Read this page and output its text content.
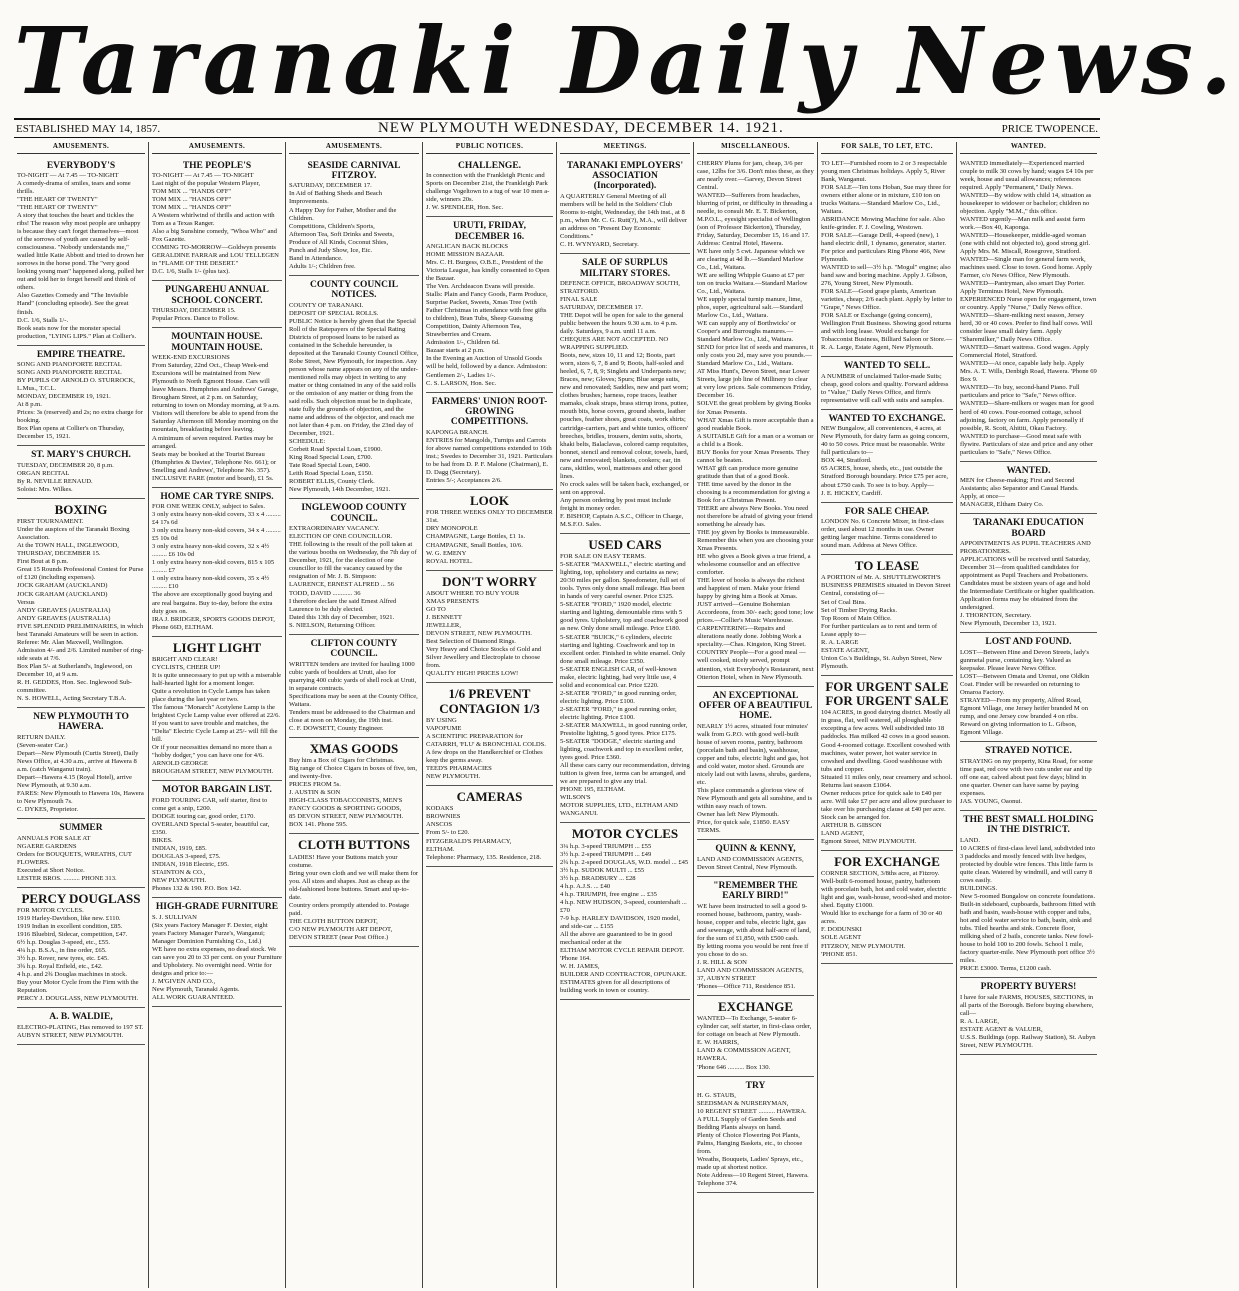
Taranaki Daily News.
ESTABLISHED MAY 14, 1857.	NEW PLYMOUTH WEDNESDAY, DECEMBER 14. 1921.	PRICE TWOPENCE.
AMUSEMENTS.
EVERYBODY'S
TO-NIGHT — At 7.45 — TO-NIGHT
A comedy-drama of smiles, tears and some thrills.
"THE HEART OF TWENTY"
"THE HEART OF TWENTY"
A story that touches the heart and tickles the ribs! The reason why most people are unhappy is because they can't forget themselves—most of the sorrows of youth are caused by self-consciousness. "Nobody understands me," wailed little Katie Abbott and tried to drown her sorrows in the horse pond. The "very good looking young man" happened along, pulled her out and told her to forget herself and think of others.
Also Gazettes Comedy and "The Invisible Hand" (concluding episode). See the great finish.
D.C. 1/6, Stalls 1/-.
Book seats now for the monster special production, "LYING LIPS." Plan at Collier's.
EMPIRE THEATRE.
SONG AND PIANOFORTE RECITAL
SONG AND PIANOFORTE RECITAL
BY PUPILS OF ARNOLD O. STURROCK, L.Mus., T.C.L.
MONDAY, DECEMBER 19, 1921.
At 8 p.m.
Prices: 3s (reserved) and 2s; no extra charge for booking.
Box Plan opens at Collier's on Thursday, December 15, 1921.
ST. MARY'S CHURCH.
TUESDAY, DECEMBER 20, 8 p.m.
ORGAN RECITAL
By R. NEVILLE RENAUD.
Soloist: Mrs. Wilkes.
BOXING
FIRST TOURNAMENT.
Under the auspices of the Taranaki Boxing Association.
At the TOWN HALL, INGLEWOOD, THURSDAY, DECEMBER 15.
First Bout at 8 p.m.
Great 15 Rounds Professional Contest for Purse of £120 (including expenses).
JOCK GRAHAM (AUCKLAND)
JOCK GRAHAM (AUCKLAND)
Versus
ANDY GREAVES (AUSTRALIA)
ANDY GREAVES (AUSTRALIA)
FIVE SPLENDID PRELIMINARIES, in which best Taranaki Amateurs will be seen in action.
Referee: Mr. Alan Maxwell, Wellington.
Admission 4/- and 2/6. Limited number of ring-side seats at 7/6.
Box Plan 5/- at Sutherland's, Inglewood, on December 10, at 9 a.m.
R. H. GEDDES, Hon. Sec. Inglewood Sub-committee.
N. S. HOWELL, Acting Secretary T.B.A.
NEW PLYMOUTH TO HAWERA.
RETURN DAILY.
(Seven-seater Car.)
Depart—New Plymouth (Curtis Street), Daily News Office, at 4.30 a.m., arrive at Hawera 8 a.m. (catch Wanganui train).
Depart—Hawera 4.15 (Royal Hotel), arrive New Plymouth, at 9.30 a.m.
FARES: New Plymouth to Hawera 10s, Hawera to New Plymouth 7s.
C. DYKES, Proprietor.
SUMMER
ANNUALS FOR SALE AT
NGAERE GARDENS
Orders for BOUQUETS, WREATHS, CUT FLOWERS.
Executed at Short Notice.
LESTER BROS. .......... PHONE 313.
PERCY DOUGLASS
FOR MOTOR CYCLES.
1919 Harley-Davidson, like new. £110.
1919 Indian in excellent condition, £85.
1916 Bluebird, Sidecar, competition, £47.
6½ h.p. Douglas 3-speed, etc., £55.
4¼ h.p. B.S.A., in fine order, £65.
3½ h.p. Rover, new tyres, etc. £45.
3¾ h.p. Royal Enfield, etc., £42.
4 h.p. and 2¾ Douglas machines in stock.
Buy your Motor Cycle from the Firm with the Reputation.
PERCY J. DOUGLASS, NEW PLYMOUTH.
A. B. WALDIE,
ELECTRO-PLATING, Has removed to 197 ST. AUBYN STREET, NEW PLYMOUTH.
AMUSEMENTS.
THE PEOPLE'S
TO-NIGHT — At 7.45 — TO-NIGHT
Last night of the popular Western Player,
TOM MIX ... "HANDS OFF"
TOM MIX ... "HANDS OFF"
TOM MIX ... "HANDS OFF"
A Western whirlwind of thrills and action with Tom as a Texas Ranger.
Also a big Sunshine comedy, "Whoa Who" and Fox Gazette.
COMING TO-MORROW—Goldwyn presents GERALDINE FARRAR and LOU TELLEGEN in "FLAME OF THE DESERT."
D.C. 1/6, Stalls 1/- (plus tax).
PUNGAREHU ANNUAL SCHOOL CONCERT.
THURSDAY, DECEMBER 15.
Popular Prices. Dance to Follow.
MOUNTAIN HOUSE. MOUNTAIN HOUSE.
WEEK-END EXCURSIONS
From Saturday, 22nd Oct., Cheap Week-end Excursions will be maintained from New Plymouth to North Egmont House. Cars will leave Messrs. Humphries and Andrews' Garage, Brougham Street, at 2 p.m. on Saturday, returning to town on Monday morning, at 9 a.m.
Visitors will therefore be able to spend from the Saturday Afternoon till Monday morning on the mountain, breakfasting before leaving.
A minimum of seven required. Parties may be arranged.
Seats may be booked at the Tourist Bureau (Humphries & Davies', Telephone No. 661); or Smelling and Andrews', Telephone No. 357).
INCLUSIVE FARE (motor and board), £1 5s.
HOME CAR TYRE SNIPS.
FOR ONE WEEK ONLY, subject to Sales.
3 only extra heavy non-skid covers, 33 x 4 ......... £4 17s 6d
3 only extra heavy non-skid covers, 34 x 4 ......... £5 10s 0d
3 only extra heavy non-skid covers, 32 x 4½ ......... £6 10s 0d
1 only extra heavy non-skid covers, 815 x 105 ......... £7
1 only extra heavy non-skid covers, 35 x 4½ ......... £10
The above are exceptionally good buying and are real bargains. Buy to-day, before the extra duty goes on.
IRA J. BRIDGER, SPORTS GOODS DEPOT, Phone 66D, ELTHAM.
LIGHT LIGHT
BRIGHT AND CLEAR!
CYCLISTS, CHEER UP!
It is quite unnecessary to put up with a miserable half-hearted light for a moment longer.
Quite a revolution in Cycle Lamps has taken place during the last year or two.
The famous "Monarch" Acetylene Lamp is the brightest Cycle Lamp value ever offered at 22/6.
If you want to save trouble and matches, the "Delta" Electric Cycle Lamp at 25/- will fill the bill.
Or if your necessities demand no more than a "hobby dodger," you can have one for 4/6.
ARNOLD GEORGE
BROUGHAM STREET, NEW PLYMOUTH.
MOTOR BARGAIN LIST.
FORD TOURING CAR, self starter, first to come get a snip, £200.
DODGE touring car, good order, £170.
OVERLAND Special 5-seater, beautiful car, £350.
BIKES.
INDIAN, 1919, £85.
DOUGLAS 3-speed, £75.
INDIAN, 1918 Electric, £95.
STAINTON & CO.,
NEW PLYMOUTH.
Phones 132 & 190. P.O. Box 142.
HIGH-GRADE FURNITURE
S. J. SULLIVAN
(Six years Factory Manager F. Dexter, eight years Factory Manager Furze's, Wanganui; Manager Dominion Furnishing Co., Ltd.)
WE have no extra expenses, no dead stock. We can save you 20 to 33 per cent. on your Furniture and Upholstery. No overnight need. Write for designs and price to:—
J. M'GIVEN AND CO.,
New Plymouth, Taranaki Agents.
ALL WORK GUARANTEED.
AMUSEMENTS.
SEASIDE CARNIVAL FITZROY.
SATURDAY, DECEMBER 17.
In Aid of Bathing Sheds and Beach Improvements.
A Happy Day for Father, Mother and the Children.
Competitions, Children's Sports,
Afternoon Tea, Soft Drinks and Sweets,
Produce of All Kinds, Coconut Shies,
Punch and Judy Show, Ice, Etc.
Band in Attendance.
Adults 1/-; Children free.
COUNTY COUNCIL NOTICES.
COUNTY OF TARANAKI.
DEPOSIT OF SPECIAL ROLLS.
PUBLIC Notice is hereby given that the Special Roll of the Ratepayers of the Special Rating Districts of proposed loans to be raised as contained in the Schedule hereunder, is deposited at the Taranaki County Council Office, Robe Street, New Plymouth, for inspection. Any person whose name appears on any of the under-mentioned rolls may object in writing to any matter or thing contained in any of the said rolls or the omission of any matter or thing from the said rolls. Such objection must be in duplicate, state fully the grounds of objection, and the name and address of the objector, and reach me not later than 4 p.m. on Friday, the 23nd day of December, 1921.
SCHEDULE:
Corbett Road Special Loan, £1900.
King Road Special Loan, £700.
Tate Road Special Loan, £400.
Leith Road Special Loan, £150.
ROBERT ELLIS, County Clerk.
New Plymouth, 14th December, 1921.
INGLEWOOD COUNTY COUNCIL.
EXTRAORDINARY VACANCY.
ELECTION OF ONE COUNCILLOR.
THE following is the result of the poll taken at the various booths on Wednesday, the 7th day of December, 1921, for the election of one councillor to fill the vacancy caused by the resignation of Mr. J. B. Simpson:
LAURENCE, ERNEST ALFRED ... 56
TODD, DAVID ............ 36
I therefore declare the said Ernest Alfred Laurence to be duly elected.
Dated this 13th day of December, 1921.
S. NIELSON, Returning Officer.
CLIFTON COUNTY COUNCIL.
WRITTEN tenders are invited for hauling 1000 cubic yards of boulders at Uruti, also for quarrying 400 cubic yards of shell rock at Uruti, in separate contracts.
Specifications may be seen at the County Office, Waitara.
Tenders must be addressed to the Chairman and close at noon on Monday, the 19th inst.
C. F. DOWSETT, County Engineer.
XMAS GOODS
Buy him a Box of Cigars for Christmas.
Big range of Choice Cigars in boxes of five, ten, and twenty-five.
PRICES FROM 5s.
J. AUSTIN & SON
HIGH-CLASS TOBACCONISTS, MEN'S FANCY GOODS & SPORTING GOODS,
85 DEVON STREET, NEW PLYMOUTH.
BOX 141. Phone 595.
CLOTH BUTTONS
LADIES! Have your Buttons match your costume.
Bring your own cloth and we will make them for you. All sizes and shapes. Just as cheap as the old-fashioned bone buttons. Smart and up-to-date.
Country orders promptly attended to. Postage paid.
THE CLOTH BUTTON DEPOT,
C/O NEW PLYMOUTH ART DEPOT,
DEVON STREET (near Post Office.)
PUBLIC NOTICES.
CHALLENGE.
In connection with the Frankleigh Picnic and Sports on December 21st, the Frankleigh Park challenge Vogeltown to a tug of war 10 men a-side, winners 20s.
J. W. SPENDLER, Hon. Sec.
URUTI, FRIDAY, DECEMBER 16.
ANGLICAN BACK BLOCKS
HOME MISSION BAZAAR.
Mrs. C. H. Burgess, O.B.E., President of the Victoria League, has kindly consented to Open the Bazaar.
The Ven. Archdeacon Evans will preside.
Stalls: Plain and Fancy Goods, Farm Produce, Surprise Packet, Sweets, Xmas Tree (with Father Christmas in attendance with free gifts to children), Bran Tubs, Sheep Guessing Competition, Dainty Afternoon Tea, Strawberries and Cream.
Admission 1/-, Children 6d.
Bazaar starts at 2 p.m.
In the Evening an Auction of Unsold Goods will be held, followed by a dance. Admission: Gentlemen 2/-, Ladies 1/-.
C. S. LARSON, Hon. Sec.
FARMERS' UNION ROOT-GROWING COMPETITIONS.
KAPONGA BRANCH.
ENTRIES for Mangolds, Turnips and Carrots for above named competitions extended to 16th inst.; Swedes to December 31, 1921. Particulars to be had from D. P. F. Malone (Chairman), E. D. Dagg (Secretary).
Entries 5/-; Acceptances 2/6.
LOOK
FOR THREE WEEKS ONLY TO DECEMBER 31st.
DRY MONOPOLE
CHAMPAGNE, Large Bottles, £1 1s.
CHAMPAGNE, Small Bottles, 10/6.
W. G. EMENY
ROYAL HOTEL.
DON'T WORRY
ABOUT WHERE TO BUY YOUR
XMAS PRESENTS
GO TO
J. BENNETT
JEWELLER,
DEVON STREET, NEW PLYMOUTH.
Best Selection of Diamond Rings.
Very Heavy and Choice Stocks of Gold and Silver Jewellery and Electroplate to choose from.
QUALITY HIGH! PRICES LOW!
1/6 PREVENT CONTAGION 1/3
BY USING
VAPOFUME
A SCIENTIFIC PREPARATION for CATARRH, 'FLU' & BRONCHIAL COLDS.
A few drops on the Handkerchief or Clothes keep the germs away.
TEED'S PHARMACIES
NEW PLYMOUTH.
CAMERAS
KODAKS
BROWNIES
ANSCOS
From 5/- to £20.
FITZGERALD'S PHARMACY,
ELTHAM.
Telephone: Pharmacy, 135. Residence, 218.
MEETINGS.
TARANAKI EMPLOYERS' ASSOCIATION (Incorporated).
A QUARTERLY General Meeting of all members will be held in the Soldiers' Club Rooms to-night, Wednesday, the 14th inst., at 8 p.m., when Mr. C. G. Rutt(?), M.A., will deliver an address on "Present Day Economic Conditions."
C. H. WYNYARD, Secretary.
SALE OF SURPLUS MILITARY STORES.
DEFENCE OFFICE, BROADWAY SOUTH, STRATFORD.
FINAL SALE
SATURDAY, DECEMBER 17.
THE Depot will be open for sale to the general public between the hours 9.30 a.m. to 4 p.m. daily. Saturdays, 9 a.m. until 11 a.m.
CHEQUES ARE NOT ACCEPTED. NO WRAPPING SUPPLIED.
Boots, new, sizes 10, 11 and 12; Boots, part worn, sizes 6, 7, 8 and 9; Boots, half-soled and heeled, 6, 7, 8, 9; Singlets and Underpants new; Braces, new; Gloves; Spurs; Blue serge suits, new and renovated; Saddles, new and part worn; clothes brushes; harness, rope traces, leather mamaks, cloak straps, brass stirrup irons, puttee, mouth bits, horse covers, ground sheets, leather pouches, feather shoes, great coats, work shirts; cartridge-carriers, part and white tunics, officers' breeches, bridles, trousers, denim suits, shorts, khaki belts, Balaclavas, colored camp requisites, bonnet, stencil and removal colour, towels, hard, new and renovated; blankets, cookers; ear, tin cans, skittles, wool, mattresses and other good lines.
No crock sales will be taken back, exchanged, or sent on approval.
Any person ordering by post must include freight in money order.
F. BISHOP, Captain A.S.C., Officer in Charge, M.S.F.O. Sales.
USED CARS
FOR SALE ON EASY TERMS.
5-SEATER "MAXWELL," electric starting and lighting, top, upholstery and curtains as new; 20/30 miles per gallon. Speedometer, full set of tools. Tyres only done small mileage. Has been in hands of very careful owner. Price £325.
5-SEATER "FORD," 1920 model, electric starting and lighting, demountable rims with 5 good tyres. Upholstery, top and coachwork good as new. Only done small mileage. Price £180.
5-SEATER "BUICK," 6 cylinders, electric starting and lighting. Coachwork and top in excellent order. Finished in white enamel. Only done small mileage. Price £350.
5-SEATER ENGLISH CAR, of well-known make, electric lighting, had very little use, 4 solid and economical car. Price £220.
2-SEATER "FORD," in good running order, electric lighting. Price £100.
2-SEATER "FORD," in good running order, electric lighting. Price £100.
2-SEATER MAXWELL, in good running order, Prestolite lighting, 5 good tyres. Price £175.
5-SEATER "DODGE," electric starting and lighting, coachwork and top in excellent order, tyres good. Price £360.
All these cars carry our recommendation, driving tuition is given free, terms can be arranged, and we are prepared to give any trial.
PHONE 195, ELTHAM.
WILSON'S
MOTOR SUPPLIES, LTD., ELTHAM AND WANGANUI.
MOTOR CYCLES
3¼ h.p. 3-speed TRIUMPH ... £55
3½ h.p. 2-speed TRIUMPH ... £49
2¾ h.p. 2-speed DOUGLAS, W.D. model ... £45
3½ h.p. SUDOK MULTI ... £55
3½ h.p. BRADBURY ... £28
4 h.p. A.J.S. ... £40
4 h.p. TRIUMPH, free engine ... £35
4 h.p. NEW HUDSON, 3-speed, countershaft ... £70
7-9 h.p. HARLEY DAVIDSON, 1920 model, and side-car ... £155
All the above are guaranteed to be in good mechanical order at the
ELTHAM MOTOR CYCLE REPAIR DEPOT.
'Phone 164.
W. H. JAMES,
BUILDER AND CONTRACTOR, OPUNAKE.
ESTIMATES given for all descriptions of building work in town or country.
MISCELLANEOUS.
CHERRY Plums for jam, cheap, 3/6 per case, 12lbs for 3/6. Don't miss these, as they are nearly over.—Garvey, Devon Street Central.
WANTED—Sufferers from headaches, blurring of print, or difficulty in threading a needle, to consult Mr. E. T. Bickerton, M.P.O.L., eyesight specialist of Wellington (son of Professor Bickerton), Thursday, Friday, Saturday, December 15, 16 and 17. Address: Central Hotel, Hawera.
WE have only 5 cwt. Japanese which we are clearing at 4d lb.—Standard Marlow Co., Ltd., Waitara.
WE are selling Whipple Guano at £7 per ton on trucks Waitara.—Standard Marlow Co., Ltd., Waitara.
WE supply special turnip manure, lime, phos, super, agricultural salt.—Standard Marlow Co., Ltd., Waitara.
WE can supply any of Borthwicks' or Cooper's and Burroughs manures.—Standard Marlow Co., Ltd., Waitara.
SEND for price list of seeds and manures, it only costs you 2d, may save you pounds.—Standard Marlow Co., Ltd., Waitara.
AT Miss Hunt's, Devon Street, near Lower Streets, large job line of Millinery to clear at very low prices. Sale commences Friday, December 16.
SOLVE the great problem by giving Books for Xmas Presents.
WHAT Xmas Gift is more acceptable than a good readable Book.
A SUITABLE Gift for a man or a woman or a child is a Book.
BUY Books for your Xmas Presents. They cannot be beaten.
WHAT gift can produce more genuine gratitude than that of a good Book.
THE time saved by the donor in the choosing is a recommendation for giving a Book for a Christmas Present.
THERE are always New Books. You need not therefore be afraid of giving your friend something he already has.
THE joy given by Books is immeasurable. Remember this when you are choosing your Xmas Presents.
HE who gives a Book gives a true friend, a wholesome counsellor and an effective comforter.
THE lover of books is always the richest and happiest of men. Make your friend happy by giving him a Book at Xmas.
JUST arrived—Genuine Bohemian Accordeons, from 30/- each; good tone; low prices.—Collier's Music Warehouse.
CARPENTERING—Repairs and alterations neatly done. Jobbing Work a speciality.—Chas. Kingston, King Street.
COUNTRY People—For a good meal — well cooked, nicely served, prompt attention, visit Everybody's Restaurant, next Otterton Hotel, when in New Plymouth.
AN EXCEPTIONAL OFFER OF A BEAUTIFUL HOME.
NEARLY 1½ acres, situated four minutes' walk from G.P.O. with good well-built house of seven rooms, pantry, bathroom (porcelain bath and basin), washhouse, copper and tubs, electric light and gas, hot and cold water, motor shed. Grounds are nicely laid out with lawns, shrubs, gardens, etc.
This place commands a glorious view of New Plymouth and gets all sunshine, and is within easy reach of town.
Owner has left New Plymouth.
Price, for quick sale, £1850. EASY TERMS.
QUINN & KENNY,
LAND AND COMMISSION AGENTS, Devon Street Central, New Plymouth.
"REMEMBER THE EARLY BIRD!"
WE have been instructed to sell a good 9-roomed house, bathroom, pantry, wash-house, copper and tubs, electric light, gas and sewerage, with about half-acre of land, for the sum of £1,850, with £500 cash.
By letting rooms you would be rent free if you chose to do so.
J. R. HILL & SON
LAND AND COMMISSION AGENTS,
37, AUBYN STREET
'Phones—Office 711, Residence 851.
EXCHANGE
WANTED—To Exchange, 5-seater 6-cylinder car, self starter, in first-class order, for cottage on beach at New Plymouth.
E. W. HARRIS,
LAND & COMMISSION AGENT, HAWERA.
'Phone 646 .......... Box 130.
TRY
H. G. STAUB,
SEEDSMAN & NURSERYMAN,
10 REGENT STREET .......... HAWERA.
A FULL Supply of Garden Seeds and Bedding Plants always on hand.
Plenty of Choice Flowering Pot Plants, Palms, Hanging Baskets, etc., to choose from.
Wreaths, Bouquets, Ladies' Sprays, etc., made up at shortest notice.
Note Address—10 Regent Street, Hawera. Telephone 374.
FOR SALE, TO LET, ETC.
TO LET—Furnished room to 2 or 3 respectable young men Christmas holidays. Apply 5, River Bank, Wanganui.
FOR SALE—Ten tons Hoban, Sue may three for owners either alone or in mixture, £10 ton on trucks Waitara.—Standard Marlow Co., Ltd., Waitara.
ABRIDANCE Mowing Machine for sale. Also knife-grinder. F. J. Cowling, Westown.
FOR SALE—Garage Drill, 4-speed (new), 1 hand electric drill, 1 dynamo, generator, starter. For price and particulars Ring Phone 466, New Plymouth.
WANTED to sell—3½ h.p. "Mogul" engine; also band saw and boring machine. Apply J. Gibson, 276, Young Street, New Plymouth.
FOR SALE—Good grape plants, American varieties, cheap; 2/6 each plant. Apply by letter to "Grape," News Office.
FOR SALE or Exchange (going concern), Wellington Fruit Business. Showing good returns and with long lease. Would exchange for Tobacconist Business, Billiard Saloon or Store.—R. A. Large, Estate Agent, New Plymouth.
WANTED TO SELL.
A NUMBER of unclaimed Tailor-made Suits; cheap, good colors and quality. Forward address to "Value," Daily News Office, and firm's representative will call with suits and samples.
WANTED TO EXCHANGE.
NEW Bungalow, all conveniences, 4 acres, at New Plymouth, for dairy farm as going concern, 40 to 50 cows. Price must be reasonable. Write full particulars to—
BOX 44, Stratford.
65 ACRES, house, sheds, etc., just outside the Stratford Borough boundary. Price £75 per acre, about £750 cash. To see is to buy. Apply—
J. E. HICKEY, Cardiff.
FOR SALE CHEAP.
LONDON No. 6 Concrete Mixer, in first-class order, used about 12 months in use. Owner getting larger machine. Terms considered to sound man. Address at News Office.
TO LEASE
A PORTION of Mr. A. SHUTTLEWORTH'S BUSINESS PREMISES situated in Devon Street Central, consisting of—
Set of Coal Bins.
Set of Timber Drying Racks.
Top Room of Main Office.
For further particulars as to rent and term of Lease apply to—
R. A. LARGE
ESTATE AGENT,
Union Co.'s Buildings, St. Aubyn Street, New Plymouth.
FOR URGENT SALE FOR URGENT SALE
104 ACRES, in good dairying district. Mostly all in grass, flat, well watered, all ploughable excepting a few acres. Well subdivided into 18 paddocks. Has milked 42 cows in a good season. Good 4-roomed cottage. Excellent cowshed with machines, water power, hot water service in cowshed and dwelling. Good washhouse with tubs and copper.
Situated 11 miles only, near creamery and school.
Returns last season £1064.
Owner reduces price for quick sale to £40 per acre. Will take £7 per acre and allow purchaser to take over his purchasing clause at £40 per acre. Stock can be arranged for.
ARTHUR B. GIBSON
LAND AGENT,
Egmont Street, NEW PLYMOUTH.
FOR EXCHANGE
CORNER SECTION, 3/8ths acre, at Fitzroy. Well-built 6-roomed house, pantry, bathroom with porcelain bath, hot and cold water, electric light and gas, wash-house, wood-shed and motor-shed. Equity £1000.
Would like to exchange for a farm of 30 or 40 acres.
F. DODUNSKI
SOLE AGENT
FITZROY, NEW PLYMOUTH.
'PHONE 851.
WANTED.
WANTED immediately—Experienced married couple to milk 30 cows by hand; wages £4 10s per week, house and usual allowances; references required. Apply "Permanent," Daily News.
WANTED—By widow with child 14, situation as housekeeper to widower or bachelor; children no objection. Apply "M.M.," this office.
WANTED urgently—Man milk and assist farm work.—Box 40, Kaponga.
WANTED—Housekeeper, middle-aged woman (one with child not objected to), good strong girl. Apply Mrs. M. Miscall, Rosegrove, Stratford.
WANTED—Single man for general farm work, machines used. Close to town. Good home. Apply Farmer, c/o News Office, New Plymouth.
WANTED—Pantryman, also smart Day Porter. Apply Terminus Hotel, New Plymouth.
EXPERIENCED Nurse open for engagement, town or country. Apply "Nurse," Daily News office.
WANTED—Share-milking next season, Jersey herd, 30 or 40 cows. Prefer to find half cows. Will consider lease small dairy farm. Apply "Sharemilker," Daily News Office.
WANTED—Smart waitress. Good wages. Apply Commercial Hotel, Stratford.
WANTED—At once, capable lady help. Apply Mrs. A. T. Wills, Denbigh Road, Hawera. 'Phone 69 Box 9.
WANTED—To buy, second-hand Piano. Full particulars and price to "Safe," News office.
WANTED—Share-milkers or wages man for good herd of 40 cows. Four-roomed cottage, school adjoining, factory on farm. Apply personally if possible, R. Scott, Ahititi, Okau Factory.
WANTED to purchase—Good meat safe with flywire. Particulars of size and price and any other particulars to "Safe," News Office.
WANTED.
MEN for Cheese-making; First and Second Assistants; also Separator and Casual Hands. Apply, at once—
MANAGER, Eltham Dairy Co.
TARANAKI EDUCATION BOARD
APPOINTMENTS AS PUPIL TEACHERS AND PROBATIONERS.
APPLICATIONS will be received until Saturday, December 31—from qualified candidates for appointment as Pupil Teachers and Probationers. Candidates must be sixteen years of age and hold the Intermediate Certificate or higher qualification.
Application forms may be obtained from the undersigned.
J. THORNTON, Secretary.
New Plymouth, December 13, 1921.
LOST AND FOUND.
LOST—Between Hine and Devon Streets, lady's gunmetal purse, containing key. Valued as keepsake. Please leave News Office.
LOST—Between Omata and Urenui, one Oldkin Coat. Finder will be rewarded on returning to Omaroa Factory.
STRAYED—From my property, Alfred Road, Egmont Village, one Jersey heifer branded M on rump, and one Jersey cow branded 4 on ribs. Reward on giving information to L. Gibson, Egmont Village.
STRAYED NOTICE.
STRAYING on my property, Kina Road, for some time past, red cow with two cuts under ear and tip off one ear, calved about past few days; blind in one quarter. Owner can have same by paying expenses.
JAS. YOUNG, Oaonui.
THE BEST SMALL HOLDING IN THE DISTRICT.
LAND.
10 ACRES of first-class level land, subdivided into 3 paddocks and mostly fenced with live hedges, protected by double wire fences. This little farm is quite clean. Watered by windmill, and will carry 8 cows easily.
BUILDINGS.
New 5-roomed Bungalow on concrete foundations. Built-in sideboard, cupboards, bathroom fitted with bath and basin, wash-house with copper and tubs, hot and cold water service to bath, basin, sink and tubs. Tiled hearths and sink. Concrete floor, milking shed of 2 bails, concrete tanks. New fowl-house to hold 100 to 200 fowls. School 1 mile, factory quarter-mile. New Plymouth port office 3½ miles.
PRICE £3000. Terms, £1200 cash.
PROPERTY BUYERS!
I have for sale FARMS, HOUSES, SECTIONS, in all parts of the Borough. Before buying elsewhere, call—
R. A. LARGE,
ESTATE AGENT & VALUER,
U.S.S. Buildings (opp. Railway Station), St. Aubyn Street, NEW PLYMOUTH.
